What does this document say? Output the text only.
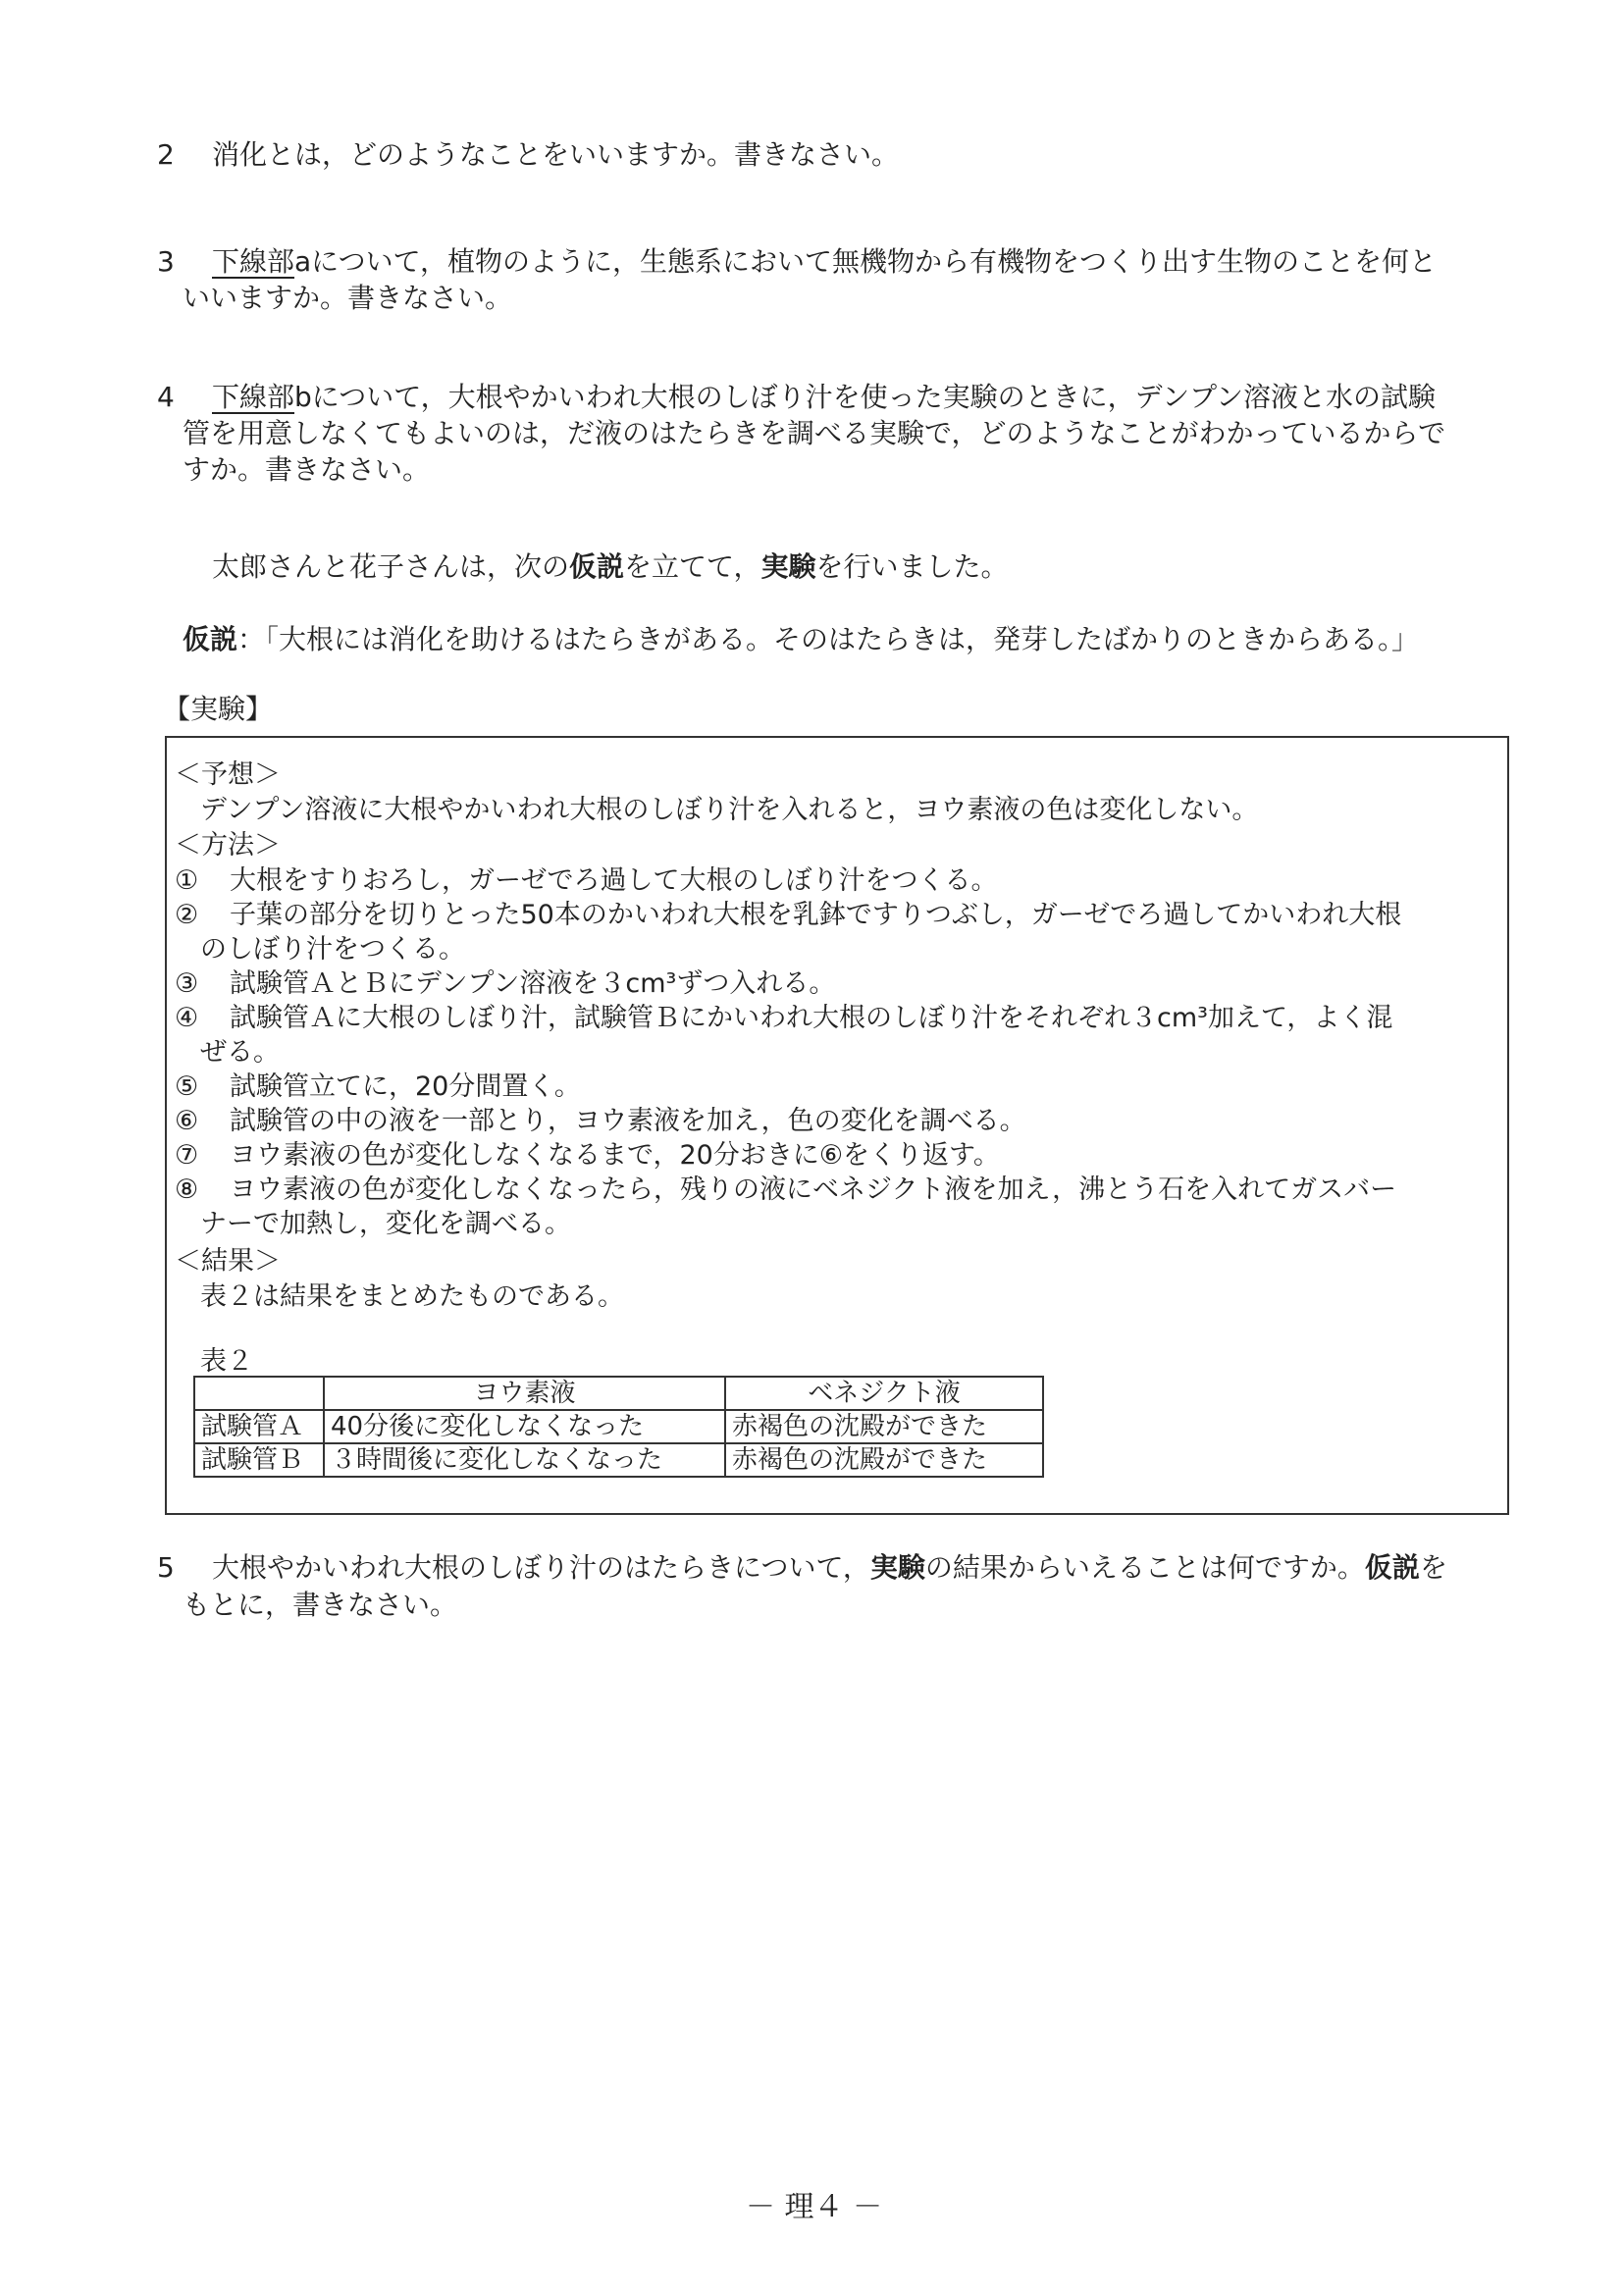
2 消化とは，どのようなことをいいますか。書きなさい。
3 下線部aについて，植物のように，生態系において無機物から有機物をつくり出す生物のことを何と
いいますか。書きなさい。
4 下線部bについて，大根やかいわれ大根のしぼり汁を使った実験のときに，デンプン溶液と水の試験
管を用意しなくてもよいのは，だ液のはたらきを調べる実験で，どのようなことがわかっているからで
すか。書きなさい。
太郎さんと花子さんは，次の仮説を立てて，実験を行いました。
仮説：「大根には消化を助けるはたらきがある。そのはたらきは，発芽したばかりのときからある。」
【実験】
＜予想＞
デンプン溶液に大根やかいわれ大根のしぼり汁を入れると，ヨウ素液の色は変化しない。
＜方法＞
① 大根をすりおろし，ガーゼでろ過して大根のしぼり汁をつくる。
② 子葉の部分を切りとった50本のかいわれ大根を乳鉢ですりつぶし，ガーゼでろ過してかいわれ大根
のしぼり汁をつくる。
③ 試験管ＡとＢにデンプン溶液を３cm³ずつ入れる。
④ 試験管Ａに大根のしぼり汁，試験管Ｂにかいわれ大根のしぼり汁をそれぞれ３cm³加えて，よく混
ぜる。
⑤ 試験管立てに，20分間置く。
⑥ 試験管の中の液を一部とり，ヨウ素液を加え，色の変化を調べる。
⑦ ヨウ素液の色が変化しなくなるまで，20分おきに⑥をくり返す。
⑧ ヨウ素液の色が変化しなくなったら，残りの液にベネジクト液を加え，沸とう石を入れてガスバー
ナーで加熱し，変化を調べる。
＜結果＞
表２は結果をまとめたものである。
表２
	ヨウ素液	ベネジクト液
試験管Ａ	40分後に変化しなくなった	赤褐色の沈殿ができた
試験管Ｂ	３時間後に変化しなくなった	赤褐色の沈殿ができた
5 大根やかいわれ大根のしぼり汁のはたらきについて，実験の結果からいえることは何ですか。仮説を
もとに，書きなさい。
－ 理４ －
